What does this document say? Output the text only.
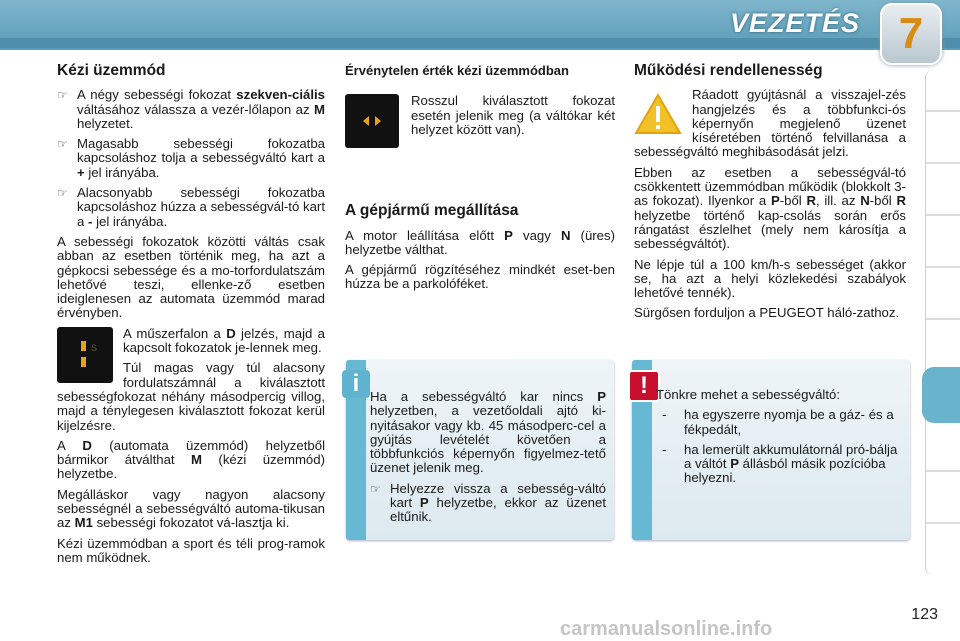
VEZETÉS 7
Kézi üzemmód
☞ A négy sebességi fokozat szekven-ciális váltásához válassza a vezér-lőlapon az M helyzetet.
☞ Magasabb sebességi fokozatba kapcsoláshoz tolja a sebességváltó kart a + jel irányába.
☞ Alacsonyabb sebességi fokozatba kapcsoláshoz húzza a sebességvál-tó kart a - jel irányába.

A sebességi fokozatok közötti váltás csak abban az esetben történik meg, ha azt a gépkocsi sebessége és a mo-torfordulatszám lehetővé teszi, ellenke-ző esetben ideiglenesen az automata üzemmód marad érvényben.

S

A műszerfalon a D jelzés, majd a kapcsolt fokozatok je-lennek meg.

Túl magas vagy túl alacsony fordulatszámnál a kiválasztott sebességfokozat néhány másodpercig villog, majd a ténylegesen kiválasztott fokozat kerül kijelzésre.

A D (automata üzemmód) helyzetből bármikor átválthat M (kézi üzemmód) helyzetbe.

Megálláskor vagy nagyon alacsony sebességnél a sebességváltó automa-tikusan az M1 sebességi fokozatot vá-lasztja ki.

Kézi üzemmódban a sport és téli prog-ramok nem működnek.

Érvénytelen érték kézi üzemmódban

Rosszul kiválasztott fokozat esetén jelenik meg (a váltókar két helyzet között van).

A gépjármű megállítása

A motor leállítása előtt P vagy N (üres) helyzetbe válthat.

A gépjármű rögzítéséhez mindkét eset-ben húzza be a parkolóféket.

i Ha a sebességváltó kar nincs P helyzetben, a vezetőoldali ajtó ki-nyitásakor vagy kb. 45 másodperc-cel a gyújtás levételét követően a többfunkciós képernyőn figyelmez-tető üzenet jelenik meg.

☞ Helyezze vissza a sebesség-váltó kart P helyzetbe, ekkor az üzenet eltűnik.
Működési rendellenesség

Ráadott gyújtásnál a visszajel-zés hangjelzés és a többfunkci-ós képernyőn megjelenő üzenet kíséretében történő felvillanása a sebességváltó meghibásodását jelzi.

Ebben az esetben a sebességvál-tó csökkentett üzemmódban működik (blokkolt 3-as fokozat). Ilyenkor a P-ből R, ill. az N-ből R helyzetbe történő kap-csolás során erős rángatást észlelhet (mely nem károsítja a sebességváltót).

Ne lépje túl a 100 km/h-s sebességet (akkor se, ha azt a helyi közlekedési szabályok lehetővé tennék).

Sürgősen forduljon a PEUGEOT háló-zathoz.

! Tönkre mehet a sebességváltó:

- ha egyszerre nyomja be a gáz- és a fékpedált,
- ha lemerült akkumulátornál pró-bálja a váltót P állásból másik pozícióba helyezni.
123
carmanualsonline.info
